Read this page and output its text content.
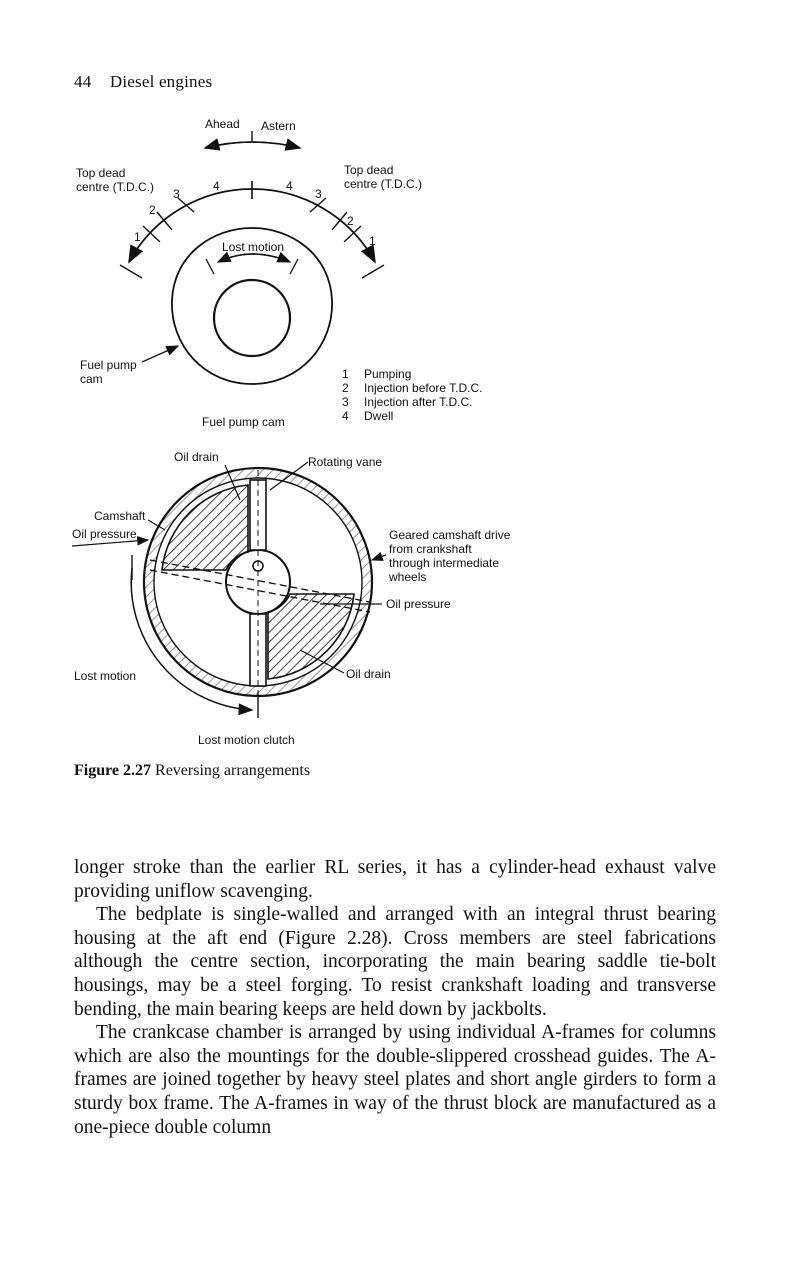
44 Diesel engines
Ahead Astern
Top dead
centre (T.D.C.)
Top dead
centre (T.D.C.)
4	4
3	3
2
2
1	1
Lost motion
Fuel pump
cam
Fuel pump cam
1 Pumping
2 Injection before T.D.C.
3 Injection after T.D.C.
4 Dwell
Oil drain	Rotating vane
Camshaft
Oil pressure	Geared camshaft drive
from crankshaft
through intermediate
wheels
Oil pressure
Lost motion	Oil drain
Lost motion clutch
Figure 2.27 Reversing arrangements

longer stroke than the earlier RL series, it has a cylinder-head exhaust valve providing uniflow scavenging.

The bedplate is single-walled and arranged with an integral thrust bearing housing at the aft end (Figure 2.28). Cross members are steel fabrications although the centre section, incorporating the main bearing saddle tie-bolt housings, may be a steel forging. To resist crankshaft loading and transverse bending, the main bearing keeps are held down by jackbolts.

The crankcase chamber is arranged by using individual A-frames for columns which are also the mountings for the double-slippered crosshead guides. The A-frames are joined together by heavy steel plates and short angle girders to form a sturdy box frame. The A-frames in way of the thrust block are manufactured as a one-piece double column
